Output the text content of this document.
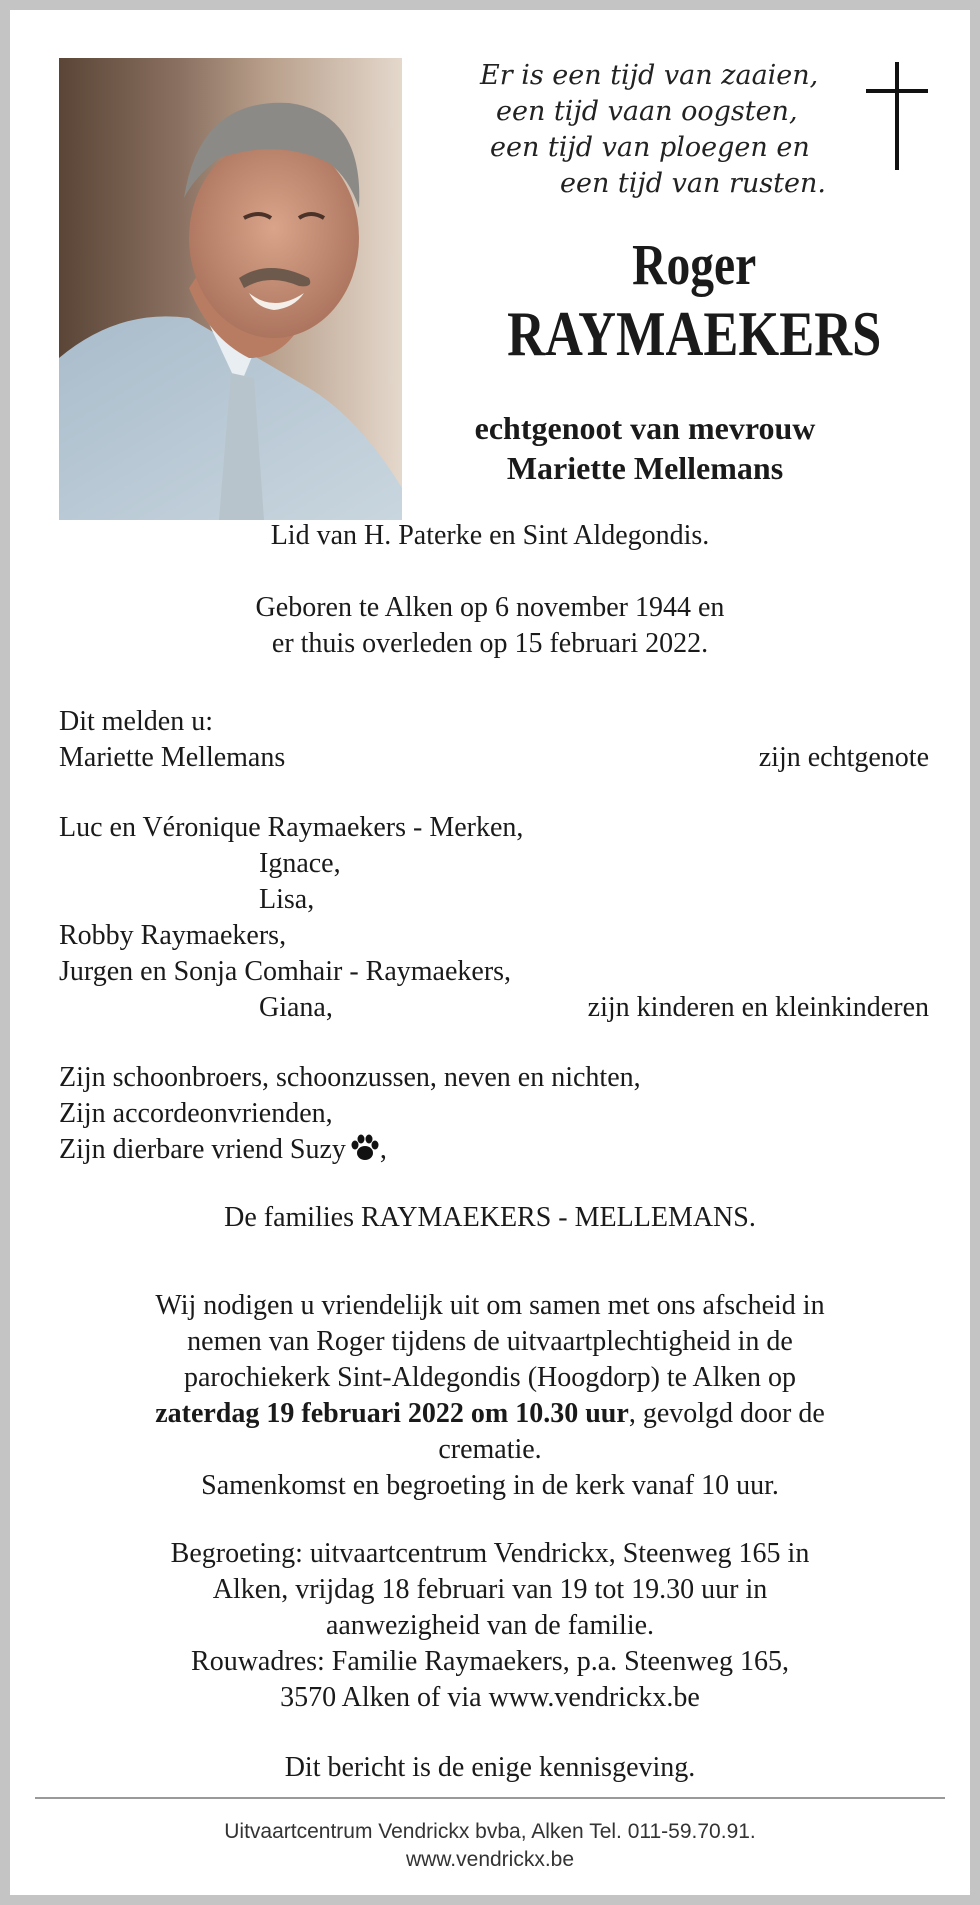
Er is een tijd van zaaien,
een tijd vaan oogsten,
een tijd van ploegen en
een tijd van rusten.
Roger
RAYMAEKERS
echtgenoot van mevrouw
Mariette Mellemans
Lid van H. Paterke en Sint Aldegondis.
Geboren te Alken op 6 november 1944 en
er thuis overleden op 15 februari 2022.
Dit melden u:
Mariette Mellemans	zijn echtgenote
Luc en Véronique Raymaekers - Merken,
Ignace,
Lisa,
Robby Raymaekers,
Jurgen en Sonja Comhair - Raymaekers,
Giana,	zijn kinderen en kleinkinderen
Zijn schoonbroers, schoonzussen, neven en nichten,
Zijn accordeonvrienden,
Zijn dierbare vriend Suzy ,
De families RAYMAEKERS - MELLEMANS.
Wij nodigen u vriendelijk uit om samen met ons afscheid in
nemen van Roger tijdens de uitvaartplechtigheid in de
parochiekerk Sint-Aldegondis (Hoogdorp) te Alken op
zaterdag 19 februari 2022 om 10.30 uur, gevolgd door de
crematie.
Samenkomst en begroeting in de kerk vanaf 10 uur.
Begroeting: uitvaartcentrum Vendrickx, Steenweg 165 in
Alken, vrijdag 18 februari van 19 tot 19.30 uur in
aanwezigheid van de familie.
Rouwadres: Familie Raymaekers, p.a. Steenweg 165,
3570 Alken of via www.vendrickx.be
Dit bericht is de enige kennisgeving.
Uitvaartcentrum Vendrickx bvba, Alken Tel. 011-59.70.91.
www.vendrickx.be
